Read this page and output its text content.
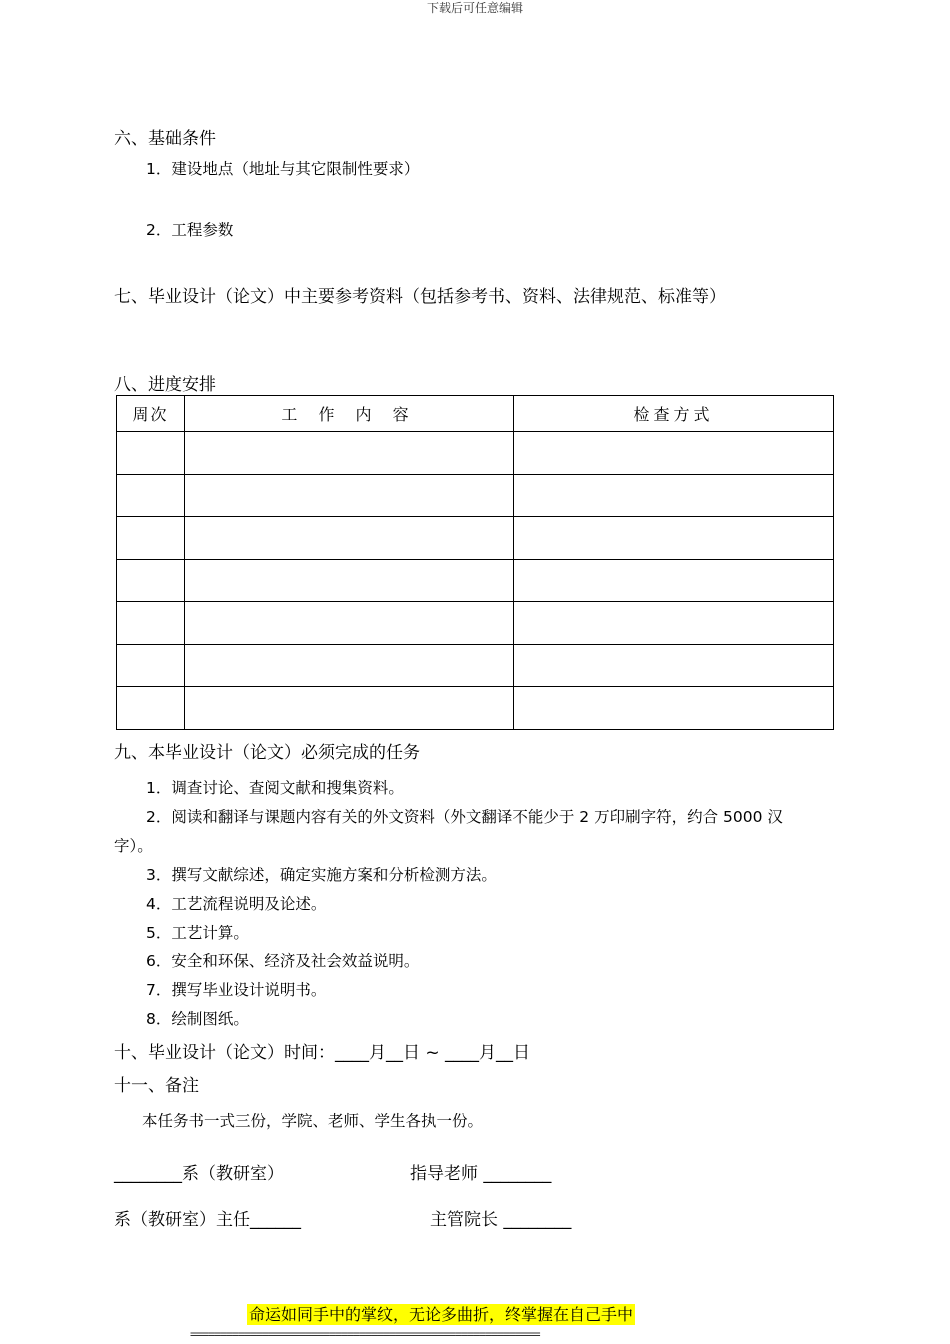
下载后可任意编辑
六、基础条件
1．建设地点（地址与其它限制性要求）
2．工程参数
七、毕业设计（论文）中主要参考资料（包括参考书、资料、法律规范、标准等）
八、进度安排
周次	工 作 内 容	检查方式

九、本毕业设计（论文）必须完成的任务
1．调查讨论、查阅文献和搜集资料。
2．阅读和翻译与课题内容有关的外文资料（外文翻译不能少于 2 万印刷字符，约合 5000 汉
字）。
3．撰写文献综述，确定实施方案和分析检测方法。
4．工艺流程说明及论述。
5．工艺计算。
6．安全和环保、经济及社会效益说明。
7．撰写毕业设计说明书。
8．绘制图纸。
十、毕业设计（论文）时间：____月__日 ~ ____月__日
十一、备注
本任务书一式三份，学院、老师、学生各执一份。
________系（教研室）	指导老师 ________
系（教研室）主任______	主管院长 ________
命运如同手中的掌纹，无论多曲折，终掌握在自己手中
==========================================================
